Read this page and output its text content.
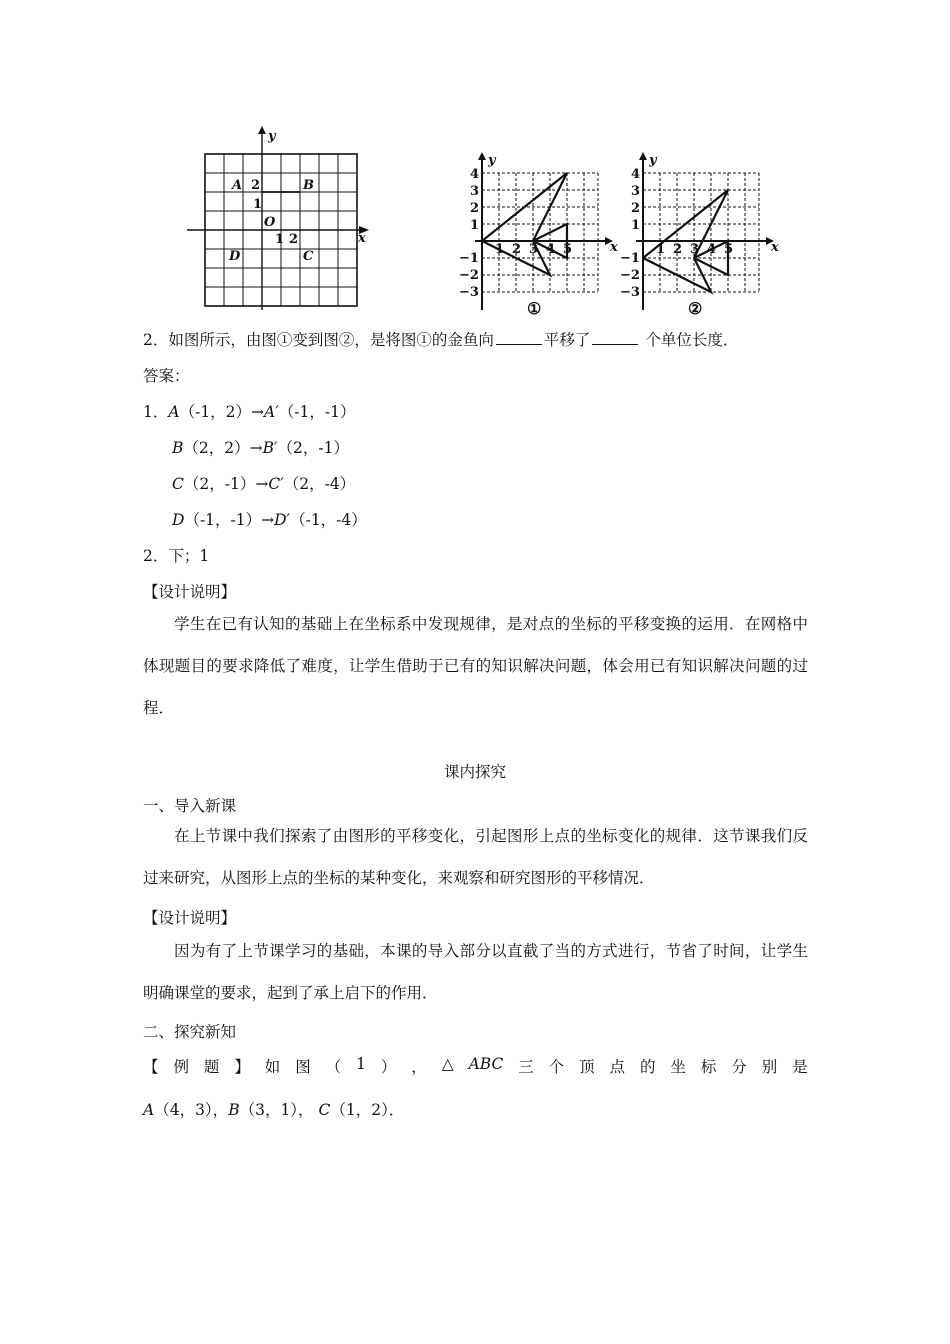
x
y
A	B
C
D
O
1 2
1
2
x
y
4
3
2
1
−1
−2
−3
1 2 3 4 5
①
x
y
4
3
2
1
−1
−2
−3
1 2 3 4 5
②
2．如图所示，由图①变到图②，是将图①的金鱼向	平移了	个单位长度．
答案：
1．A（-1，2）→A′（-1，-1）
B（2，2）→B′（2，-1）
C（2，-1）→C′（2，-4）
D（-1，-1）→D′（-1，-4）
2．下；1
【设计说明】
学生在已有认知的基础上在坐标系中发现规律，是对点的坐标的平移变换的运用．在网格中体现题目的要求降低了难度，让学生借助于已有的知识解决问题，体会用已有知识解决问题的过程．
课内探究
一、导入新课
在上节课中我们探索了由图形的平移变化，引起图形上点的坐标变化的规律．这节课我们反过来研究，从图形上点的坐标的某种变化，来观察和研究图形的平移情况．
【设计说明】
因为有了上节课学习的基础，本课的导入部分以直截了当的方式进行，节省了时间，让学生明确课堂的要求，起到了承上启下的作用．
二、探究新知
【 例 题 】 如 图 （ 1 ） ， △ ABC 三 个 顶 点 的 坐 标 分 别 是
A（4，3），B（3，1）， C（1，2）．
